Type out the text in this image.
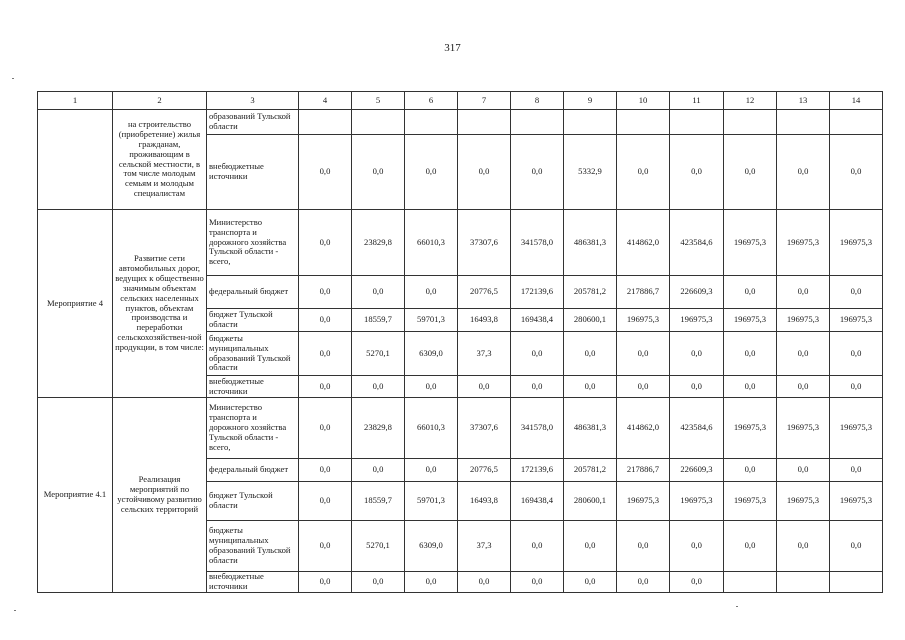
317
1	2	3	4	5	6	7	8	9	10	11	12	13	14
	на строительство (приобретение) жилья гражданам, проживающим в сельской местности, в том числе молодым семьям и молодым специалистам	образований Тульской области											
		внебюджетные источники	0,0	0,0	0,0	0,0	0,0	5332,9	0,0	0,0	0,0	0,0	0,0
Мероприятие 4	Развитие сети автомобильных дорог, ведущих к общественно значимым объектам сельских населенных пунктов, объектам производства и переработки сельскохозяйствен-ной продукции, в том числе:	Министерство транспорта и дорожного хозяйства Тульской области - всего,	0,0	23829,8	66010,3	37307,6	341578,0	486381,3	414862,0	423584,6	196975,3	196975,3	196975,3
		федеральный бюджет	0,0	0,0	0,0	20776,5	172139,6	205781,2	217886,7	226609,3	0,0	0,0	0,0
		бюджет Тульской области	0,0	18559,7	59701,3	16493,8	169438,4	280600,1	196975,3	196975,3	196975,3	196975,3	196975,3
		бюджеты муниципальных образований Тульской области	0,0	5270,1	6309,0	37,3	0,0	0,0	0,0	0,0	0,0	0,0	0,0
		внебюджетные источники	0,0	0,0	0,0	0,0	0,0	0,0	0,0	0,0	0,0	0,0	0,0
Мероприятие 4.1	Реализация мероприятий по устойчивому развитию сельских территорий	Министерство транспорта и дорожного хозяйства Тульской области - всего,	0,0	23829,8	66010,3	37307,6	341578,0	486381,3	414862,0	423584,6	196975,3	196975,3	196975,3
		федеральный бюджет	0,0	0,0	0,0	20776,5	172139,6	205781,2	217886,7	226609,3	0,0	0,0	0,0
		бюджет Тульской области	0,0	18559,7	59701,3	16493,8	169438,4	280600,1	196975,3	196975,3	196975,3	196975,3	196975,3
		бюджеты муниципальных образований Тульской области	0,0	5270,1	6309,0	37,3	0,0	0,0	0,0	0,0	0,0	0,0	0,0
		внебюджетные источники	0,0	0,0	0,0	0,0	0,0	0,0	0,0	0,0			
